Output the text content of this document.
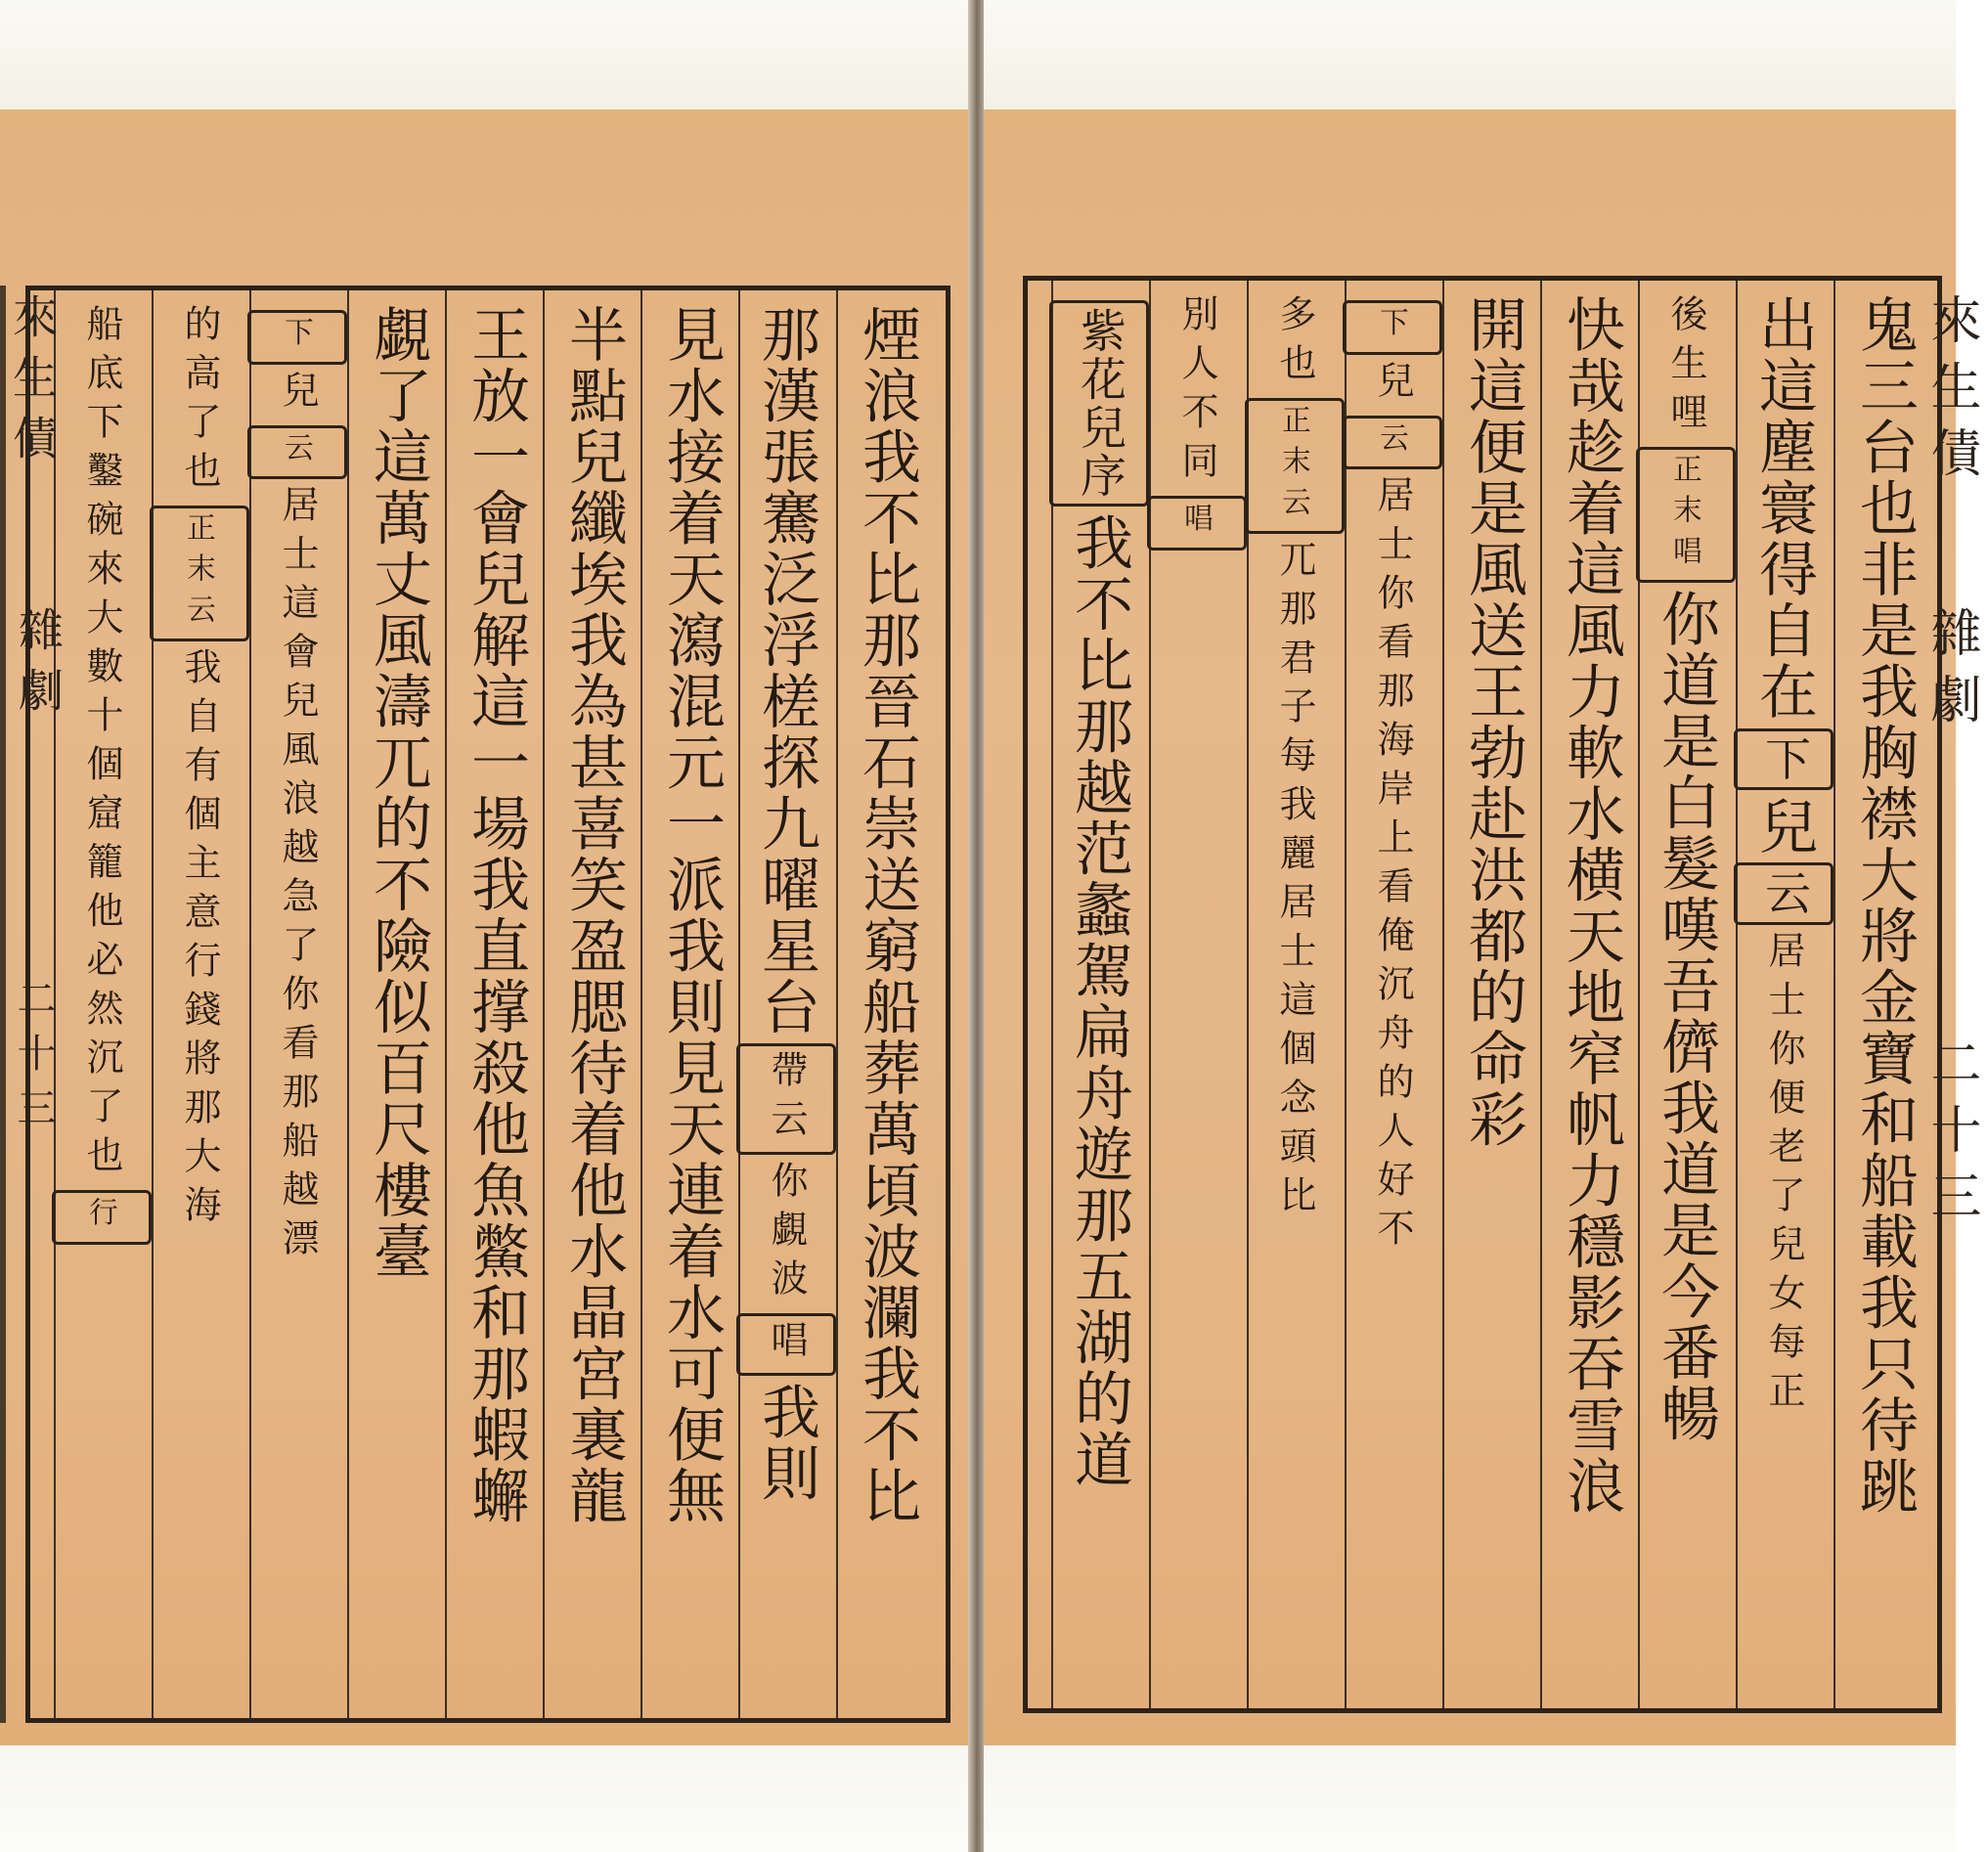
煙浪我不比那晉石崇送窮船葬萬頃波瀾我不比
那漢張騫泛浮槎探九曜星台帶云你覷波唱我則
見水接着天瀉混元一派我則見天連着水可便無
半點兒纖埃我為甚喜笑盈腮待着他水晶宮裏龍
王放一會兒解這一場我直撑殺他魚鱉和那蝦蠏
覷了這萬丈風濤兀的不險似百尺樓臺
下兒云居士這會兒風浪越急了你看那船越漂
的高了也正末云我自有個主意行錢將那大海
船底下鑿碗來大數十個窟籠他必然沉了也行
來生債
雜劇
二十三	鬼三台也非是我胸襟大將金寶和船載我只待跳
出這塵寰得自在下兒云居士你便老了兒女每正
後生哩正末唱你道是白髮嘆吾儕我道是今番暢
快哉趁着這風力軟水横天地窄帆力穩影吞雪浪
開這便是風送王勃赴洪都的命彩
下兒云居士你看那海岸上看俺沉舟的人好不
多也正末云兀那君子每我麗居士這個念頭比
別人不同唱
紫花兒序我不比那越范蠡駕扁舟遊那五湖的道
來生債
雜劇
二十三
